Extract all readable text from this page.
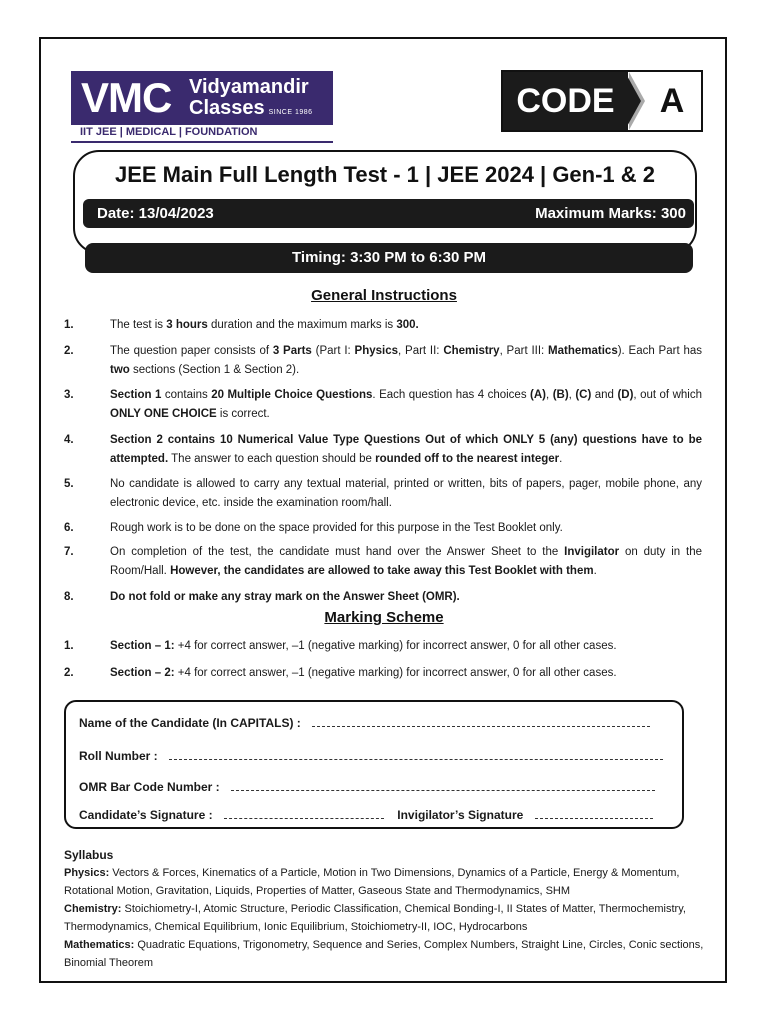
VMC Vidyamandir
Classes SINCE 1986
IIT JEE | MEDICAL | FOUNDATION
CODE	A
JEE Main Full Length Test - 1 | JEE 2024 | Gen-1 & 2
Date: 13/04/2023	Maximum Marks: 300
Timing: 3:30 PM to 6:30 PM
General Instructions
1.	The test is 3 hours duration and the maximum marks is 300.
2.	The question paper consists of 3 Parts (Part I: Physics, Part II: Chemistry, Part III: Mathematics). Each Part has two sections (Section 1 & Section 2).
3.	Section 1 contains 20 Multiple Choice Questions. Each question has 4 choices (A), (B), (C) and (D), out of which ONLY ONE CHOICE is correct.
4.	Section 2 contains 10 Numerical Value Type Questions Out of which ONLY 5 (any) questions have to be attempted. The answer to each question should be rounded off to the nearest integer.
5.	No candidate is allowed to carry any textual material, printed or written, bits of papers, pager, mobile phone, any electronic device, etc. inside the examination room/hall.
6.	Rough work is to be done on the space provided for this purpose in the Test Booklet only.
7.	On completion of the test, the candidate must hand over the Answer Sheet to the Invigilator on duty in the Room/Hall. However, the candidates are allowed to take away this Test Booklet with them.
8.	Do not fold or make any stray mark on the Answer Sheet (OMR).
Marking Scheme
1.	Section – 1: +4 for correct answer, –1 (negative marking) for incorrect answer, 0 for all other cases.
2.	Section – 2: +4 for correct answer, –1 (negative marking) for incorrect answer, 0 for all other cases.
Name of the Candidate (In CAPITALS) :
Roll Number :
OMR Bar Code Number :
Candidate’s Signature :	Invigilator’s Signature
Syllabus
Physics: Vectors & Forces, Kinematics of a Particle, Motion in Two Dimensions, Dynamics of a Particle, Energy & Momentum, Rotational Motion, Gravitation, Liquids, Properties of Matter, Gaseous State and Thermodynamics, SHM
Chemistry: Stoichiometry-I, Atomic Structure, Periodic Classification, Chemical Bonding-I, II States of Matter, Thermochemistry, Thermodynamics, Chemical Equilibrium, Ionic Equilibrium, Stoichiometry-II, IOC, Hydrocarbons
Mathematics: Quadratic Equations, Trigonometry, Sequence and Series, Complex Numbers, Straight Line, Circles, Conic sections, Binomial Theorem
